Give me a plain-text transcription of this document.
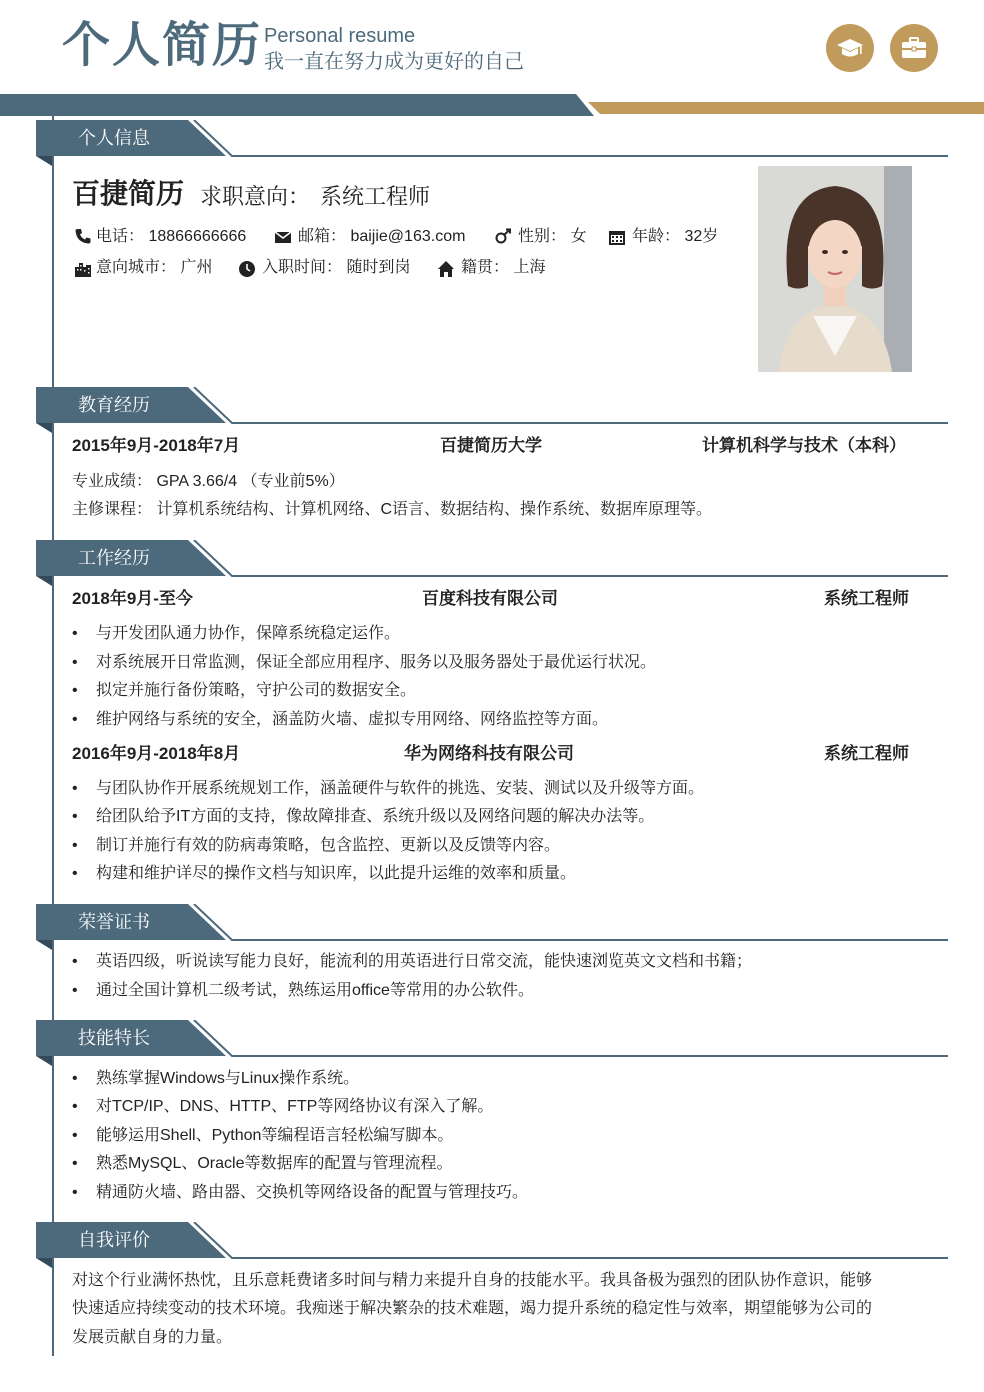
个人简历 Personal resume
我一直在努力成为更好的自己
个人信息
百捷简历 求职意向： 系统工程师
电话： 18866666666	邮箱： baijie@163.com	性别： 女	年龄： 32岁
意向城市： 广州	入职时间： 随时到岗	籍贯： 上海
教育经历
2015年9月-2018年7月	百捷简历大学	计算机科学与技术（本科）
专业成绩： GPA 3.66/4 （专业前5%）
主修课程： 计算机系统结构、计算机网络、C语言、数据结构、操作系统、数据库原理等。
工作经历
2018年9月-至今	百度科技有限公司	系统工程师
与开发团队通力协作，保障系统稳定运作。
对系统展开日常监测，保证全部应用程序、服务以及服务器处于最优运行状况。
拟定并施行备份策略，守护公司的数据安全。
维护网络与系统的安全，涵盖防火墙、虚拟专用网络、网络监控等方面。
2016年9月-2018年8月	华为网络科技有限公司	系统工程师
与团队协作开展系统规划工作，涵盖硬件与软件的挑选、安装、测试以及升级等方面。
给团队给予IT方面的支持，像故障排查、系统升级以及网络问题的解决办法等。
制订并施行有效的防病毒策略，包含监控、更新以及反馈等内容。
构建和维护详尽的操作文档与知识库，以此提升运维的效率和质量。
荣誉证书
英语四级，听说读写能力良好，能流利的用英语进行日常交流，能快速浏览英文文档和书籍；
通过全国计算机二级考试，熟练运用office等常用的办公软件。
技能特长
熟练掌握Windows与Linux操作系统。
对TCP/IP、DNS、HTTP、FTP等网络协议有深入了解。
能够运用Shell、Python等编程语言轻松编写脚本。
熟悉MySQL、Oracle等数据库的配置与管理流程。
精通防火墙、路由器、交换机等网络设备的配置与管理技巧。
自我评价
对这个行业满怀热忱，且乐意耗费诸多时间与精力来提升自身的技能水平。我具备极为强烈的团队协作意识，能够
快速适应持续变动的技术环境。我痴迷于解决繁杂的技术难题，竭力提升系统的稳定性与效率，期望能够为公司的
发展贡献自身的力量。
